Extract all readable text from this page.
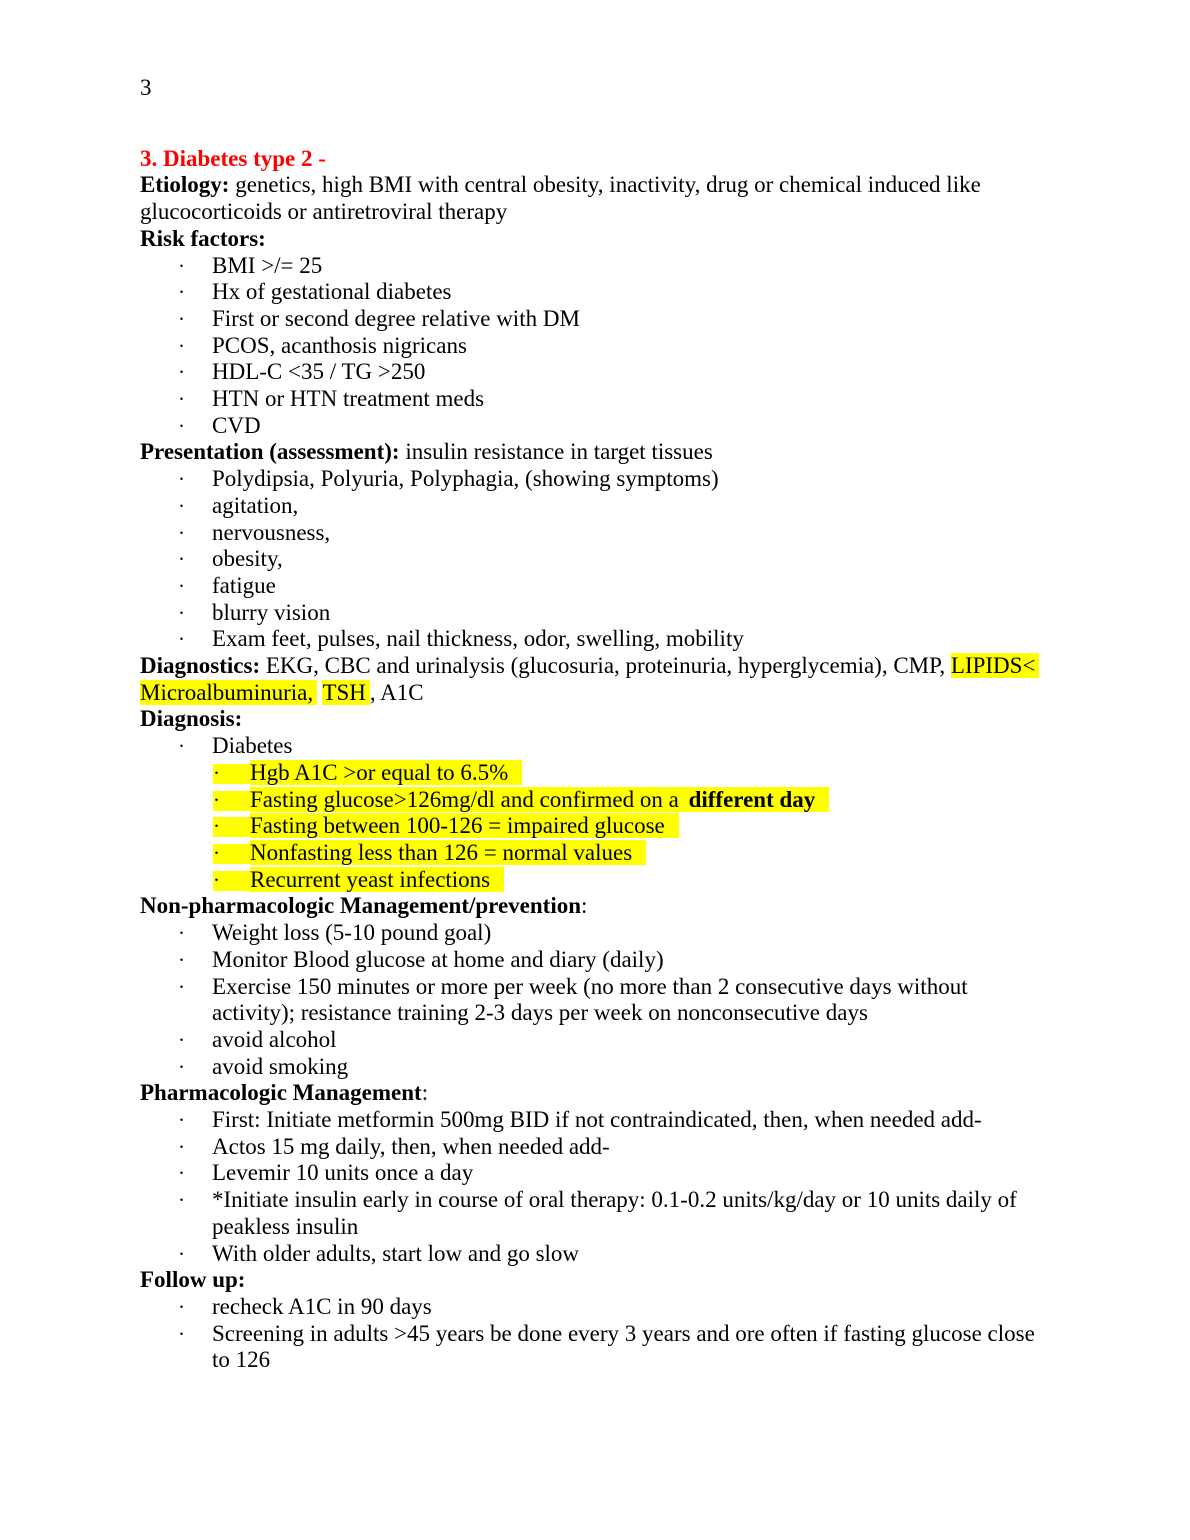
3
3. Diabetes type 2 -
Etiology: genetics, high BMI with central obesity, inactivity, drug or chemical induced like
glucocorticoids or antiretroviral therapy
Risk factors:
·	BMI >/= 25
·	Hx of gestational diabetes
·	First or second degree relative with DM
·	PCOS, acanthosis nigricans
·	HDL-C <35 / TG >250
·	HTN or HTN treatment meds
·	CVD
Presentation (assessment): insulin resistance in target tissues
·	Polydipsia, Polyuria, Polyphagia, (showing symptoms)
·	agitation,
·	nervousness,
·	obesity,
·	fatigue
·	blurry vision
·	Exam feet, pulses, nail thickness, odor, swelling, mobility
Diagnostics: EKG, CBC and urinalysis (glucosuria, proteinuria, hyperglycemia), CMP, LIPIDS<
Microalbuminuria, TSH , A1C
Diagnosis:
·	Diabetes
·	Hgb A1C >or equal to 6.5%
·	Fasting glucose>126mg/dl and confirmed on a different day
·	Fasting between 100-126 = impaired glucose
·	Nonfasting less than 126 = normal values
·	Recurrent yeast infections
Non-pharmacologic Management/prevention:
·	Weight loss (5-10 pound goal)
·	Monitor Blood glucose at home and diary (daily)
·	Exercise 150 minutes or more per week (no more than 2 consecutive days without
activity); resistance training 2-3 days per week on nonconsecutive days
·	avoid alcohol
·	avoid smoking
Pharmacologic Management:
·	First: Initiate metformin 500mg BID if not contraindicated, then, when needed add-
·	Actos 15 mg daily, then, when needed add-
·	Levemir 10 units once a day
·	*Initiate insulin early in course of oral therapy: 0.1-0.2 units/kg/day or 10 units daily of
peakless insulin
·	With older adults, start low and go slow
Follow up:
·	recheck A1C in 90 days
·	Screening in adults >45 years be done every 3 years and ore often if fasting glucose close
to 126
